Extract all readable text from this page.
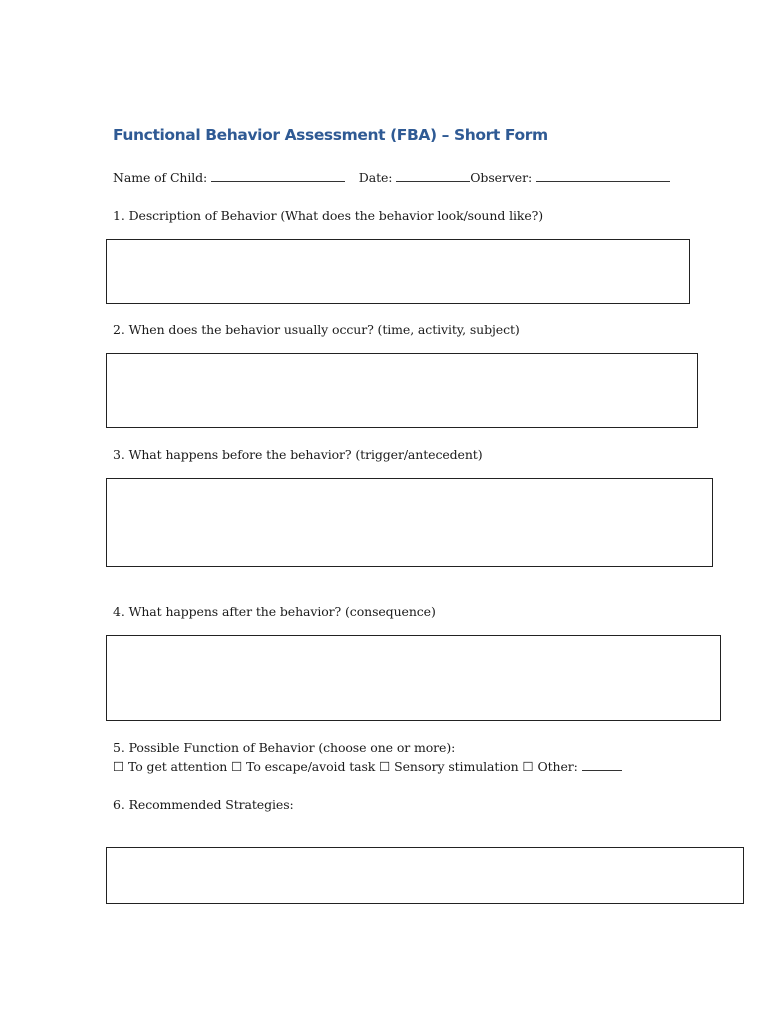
Functional Behavior Assessment (FBA) – Short Form
Name of Child:	Date:	Observer:
1. Description of Behavior (What does the behavior look/sound like?)
2. When does the behavior usually occur? (time, activity, subject)
3. What happens before the behavior? (trigger/antecedent)
4. What happens after the behavior? (consequence)
5. Possible Function of Behavior (choose one or more):
☐ To get attention ☐ To escape/avoid task ☐ Sensory stimulation ☐ Other:
6. Recommended Strategies:
